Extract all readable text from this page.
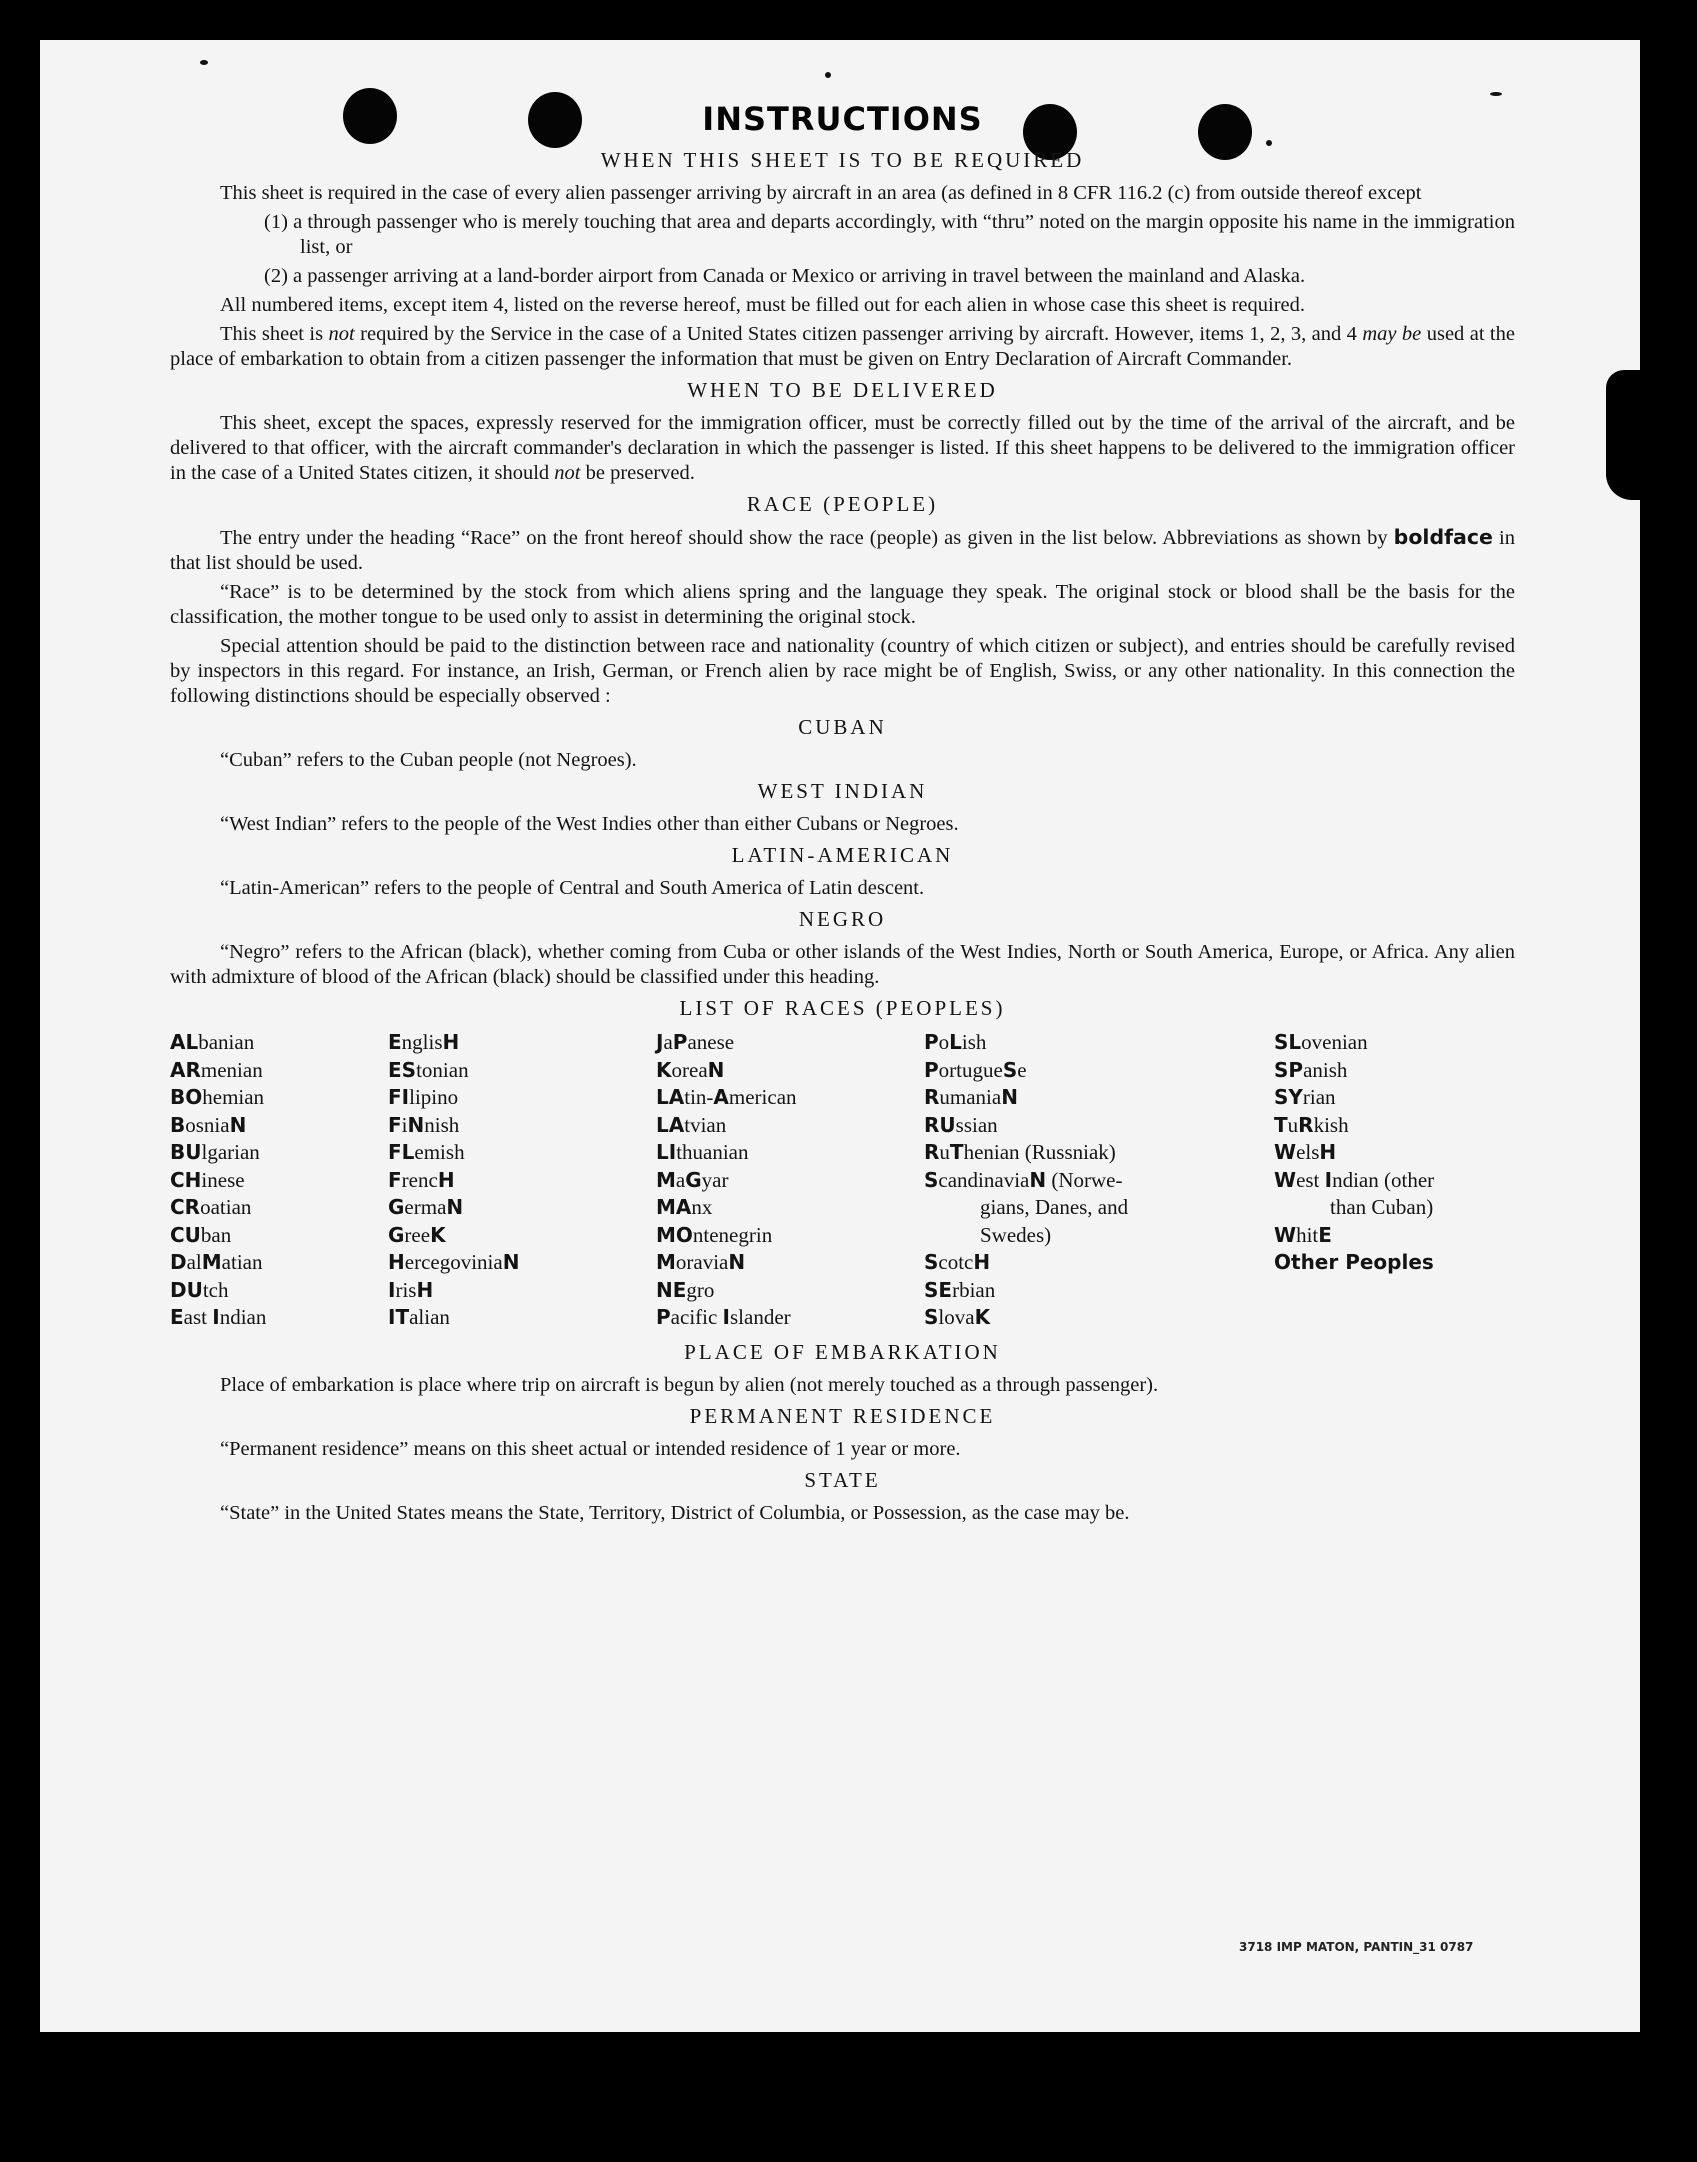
INSTRUCTIONS
WHEN THIS SHEET IS TO BE REQUIRED

This sheet is required in the case of every alien passenger arriving by aircraft in an area (as defined in 8 CFR 116.2 (c) from outside thereof except

(1) a through passenger who is merely touching that area and departs accordingly, with “thru” noted on the margin opposite his name in the immigration list, or
(2) a passenger arriving at a land-border airport from Canada or Mexico or arriving in travel between the mainland and Alaska.

All numbered items, except item 4, listed on the reverse hereof, must be filled out for each alien in whose case this sheet is required.

This sheet is not required by the Service in the case of a United States citizen passenger arriving by aircraft. However, items 1, 2, 3, and 4 may be used at the place of embarkation to obtain from a citizen passenger the information that must be given on Entry Declaration of Aircraft Commander.

WHEN TO BE DELIVERED

This sheet, except the spaces, expressly reserved for the immigration officer, must be correctly filled out by the time of the arrival of the aircraft, and be delivered to that officer, with the aircraft commander's declaration in which the passenger is listed. If this sheet happens to be delivered to the immigration officer in the case of a United States citizen, it should not be preserved.

RACE (PEOPLE)

The entry under the heading “Race” on the front hereof should show the race (people) as given in the list below. Abbreviations as shown by boldface in that list should be used.

“Race” is to be determined by the stock from which aliens spring and the language they speak. The original stock or blood shall be the basis for the classification, the mother tongue to be used only to assist in determining the original stock.

Special attention should be paid to the distinction between race and nationality (country of which citizen or subject), and entries should be carefully revised by inspectors in this regard. For instance, an Irish, German, or French alien by race might be of English, Swiss, or any other nationality. In this connection the following distinctions should be especially observed :

CUBAN

“Cuban” refers to the Cuban people (not Negroes).

WEST INDIAN

“West Indian” refers to the people of the West Indies other than either Cubans or Negroes.

LATIN-AMERICAN

“Latin-American” refers to the people of Central and South America of Latin descent.

NEGRO

“Negro” refers to the African (black), whether coming from Cuba or other islands of the West Indies, North or South America, Europe, or Africa. Any alien with admixture of blood of the African (black) should be classified under this heading.

LIST OF RACES (PEOPLES)
ALbanian
ARmenian
BOhemian
BosniaN
BUlgarian
CHinese
CRoatian
CUban
DalMatian
DUtch
East Indian
EnglisH
EStonian
FIlipino
FiNnish
FLemish
FrencH
GermaN
GreeK
HercegoviniaN
IrisH
ITalian
JaPanese
KoreaN
LAtin-American
LAtvian
LIthuanian
MaGyar
MAnx
MOntenegrin
MoraviaN
NEgro
Pacific Islander
PoLish
PortugueSe
RumaniaN
RUssian
RuThenian (Russniak)
ScandinaviaN (Norwe-
gians, Danes, and
Swedes)
ScotcH
SErbian
SlovaK
SLovenian
SPanish
SYrian
TuRkish
WelsH
West Indian (other
than Cuban)
WhitE
Other Peoples
PLACE OF EMBARKATION

Place of embarkation is place where trip on aircraft is begun by alien (not merely touched as a through passenger).

PERMANENT RESIDENCE

“Permanent residence” means on this sheet actual or intended residence of 1 year or more.

STATE

“State” in the United States means the State, Territory, District of Columbia, or Possession, as the case may be.

3718 IMP MATON, PANTIN_31 0787
